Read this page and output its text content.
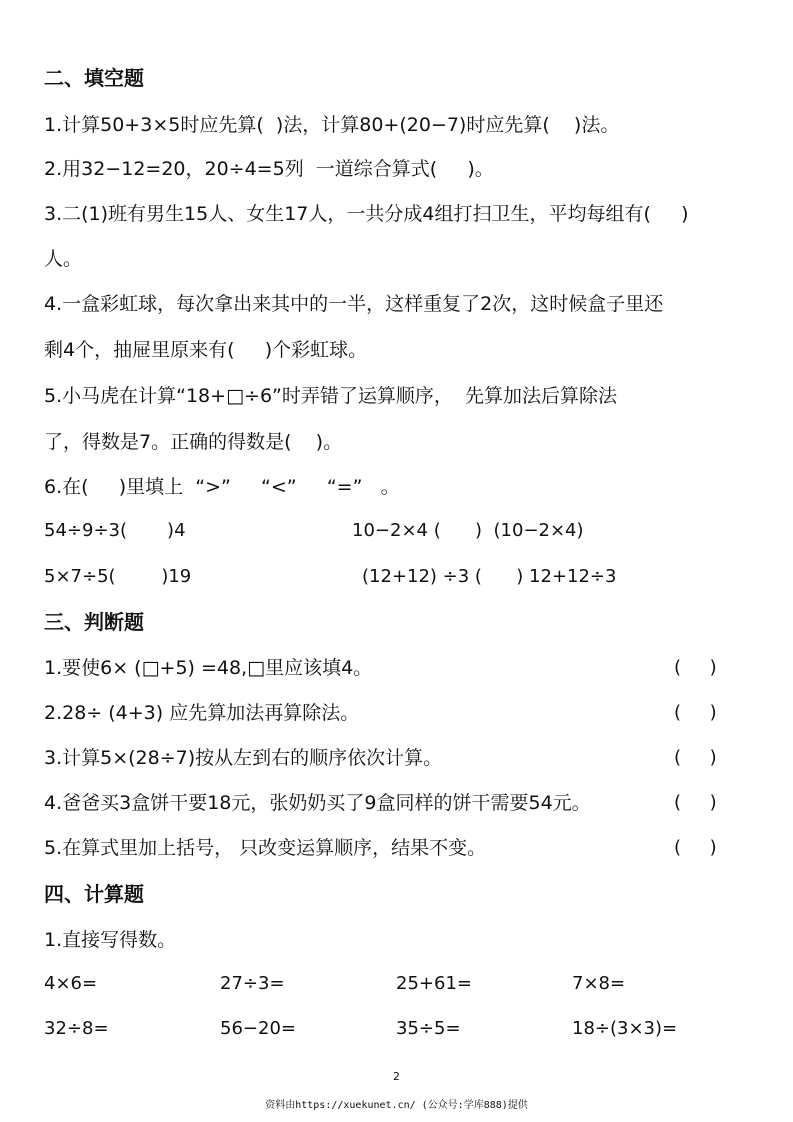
二、填空题
1.计算50+3×5时应先算(  )法，计算80+(20−7)时应先算(    )法。
2.用32−12=20，20÷4=5列  一道综合算式(     )。
3.二(1)班有男生15人、女生17人，一共分成4组打扫卫生，平均每组有(     )
人。
4.一盒彩虹球，每次拿出来其中的一半，这样重复了2次，这时候盒子里还
剩4个，抽屉里原来有(     )个彩虹球。
5.小马虎在计算“18+□÷6”时弄错了运算顺序，  先算加法后算除法
了，得数是7。正确的得数是(    )。
6.在(     )里填上  “>”     “<”     “=”   。
54÷9÷3(       )4	10−2×4 (      )  (10−2×4)
5×7÷5(        )19	(12+12) ÷3 (      ) 12+12÷3
三、判断题
1.要使6× (□+5) =48,□里应该填4。	(     )
2.28÷ (4+3) 应先算加法再算除法。	(     )
3.计算5×(28÷7)按从左到右的顺序依次计算。	(     )
4.爸爸买3盒饼干要18元，张奶奶买了9盒同样的饼干需要54元。	(     )
5.在算式里加上括号， 只改变运算顺序，结果不变。	(     )
四、计算题
1.直接写得数。
4×6=	27÷3=	25+61=	7×8=
32÷8=	56−20=	35÷5=	18÷(3×3)=
2
资料由https://xuekunet.cn/ (公众号:学库888)提供
